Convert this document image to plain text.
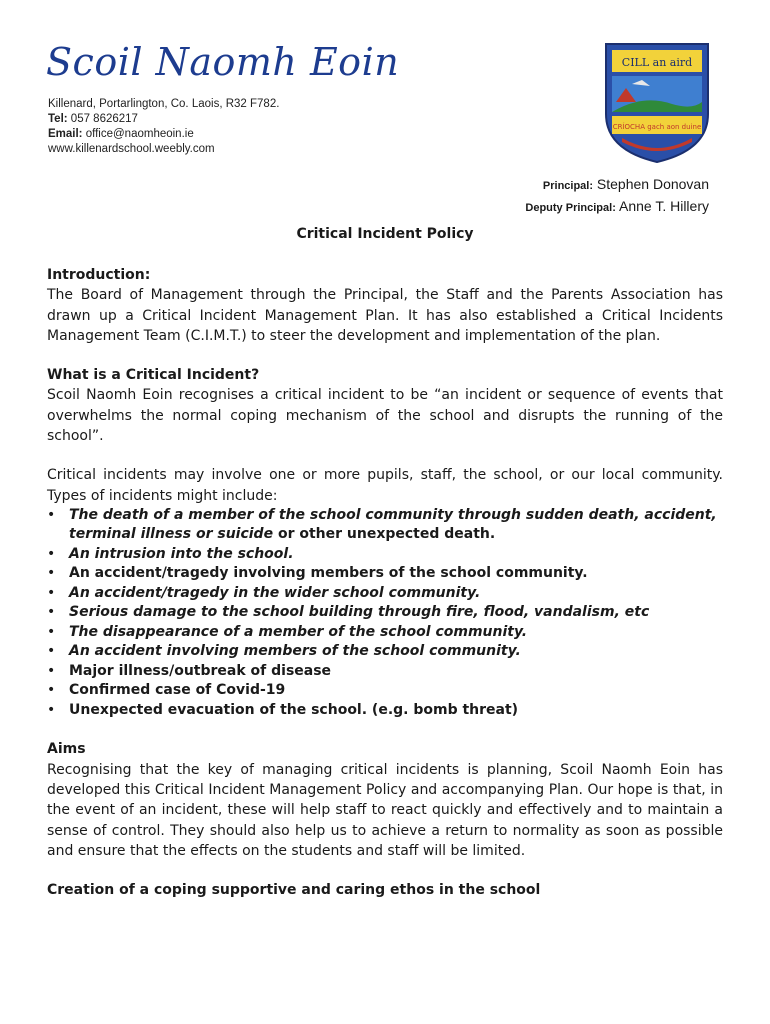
Scoil Naomh Eoin
Killenard, Portarlington, Co. Laois, R32 F782.
Tel: 057 8626217
Email: office@naomheoin.ie
www.killenardschool.weebly.com
CILL an aird
CRÍOCHA gach aon duine
Principal: Stephen Donovan
Deputy Principal: Anne T. Hillery
Critical Incident Policy
Introduction:

The Board of Management through the Principal, the Staff and the Parents Association has drawn up a Critical Incident Management Plan. It has also established a Critical Incidents Management Team (C.I.M.T.) to steer the development and implementation of the plan.

What is a Critical Incident?

Scoil Naomh Eoin recognises a critical incident to be “an incident or sequence of events that overwhelms the normal coping mechanism of the school and disrupts the running of the school”.

Critical incidents may involve one or more pupils, staff, the school, or our local community. Types of incidents might include:

• The death of a member of the school community through sudden death, accident, terminal illness or suicide or other unexpected death.
• An intrusion into the school.
• An accident/tragedy involving members of the school community.
• An accident/tragedy in the wider school community.
• Serious damage to the school building through fire, flood, vandalism, etc
• The disappearance of a member of the school community.
• An accident involving members of the school community.
• Major illness/outbreak of disease
• Confirmed case of Covid-19
• Unexpected evacuation of the school. (e.g. bomb threat)
Aims

Recognising that the key of managing critical incidents is planning, Scoil Naomh Eoin has developed this Critical Incident Management Policy and accompanying Plan. Our hope is that, in the event of an incident, these will help staff to react quickly and effectively and to maintain a sense of control. They should also help us to achieve a return to normality as soon as possible and ensure that the effects on the students and staff will be limited.

Creation of a coping supportive and caring ethos in the school
